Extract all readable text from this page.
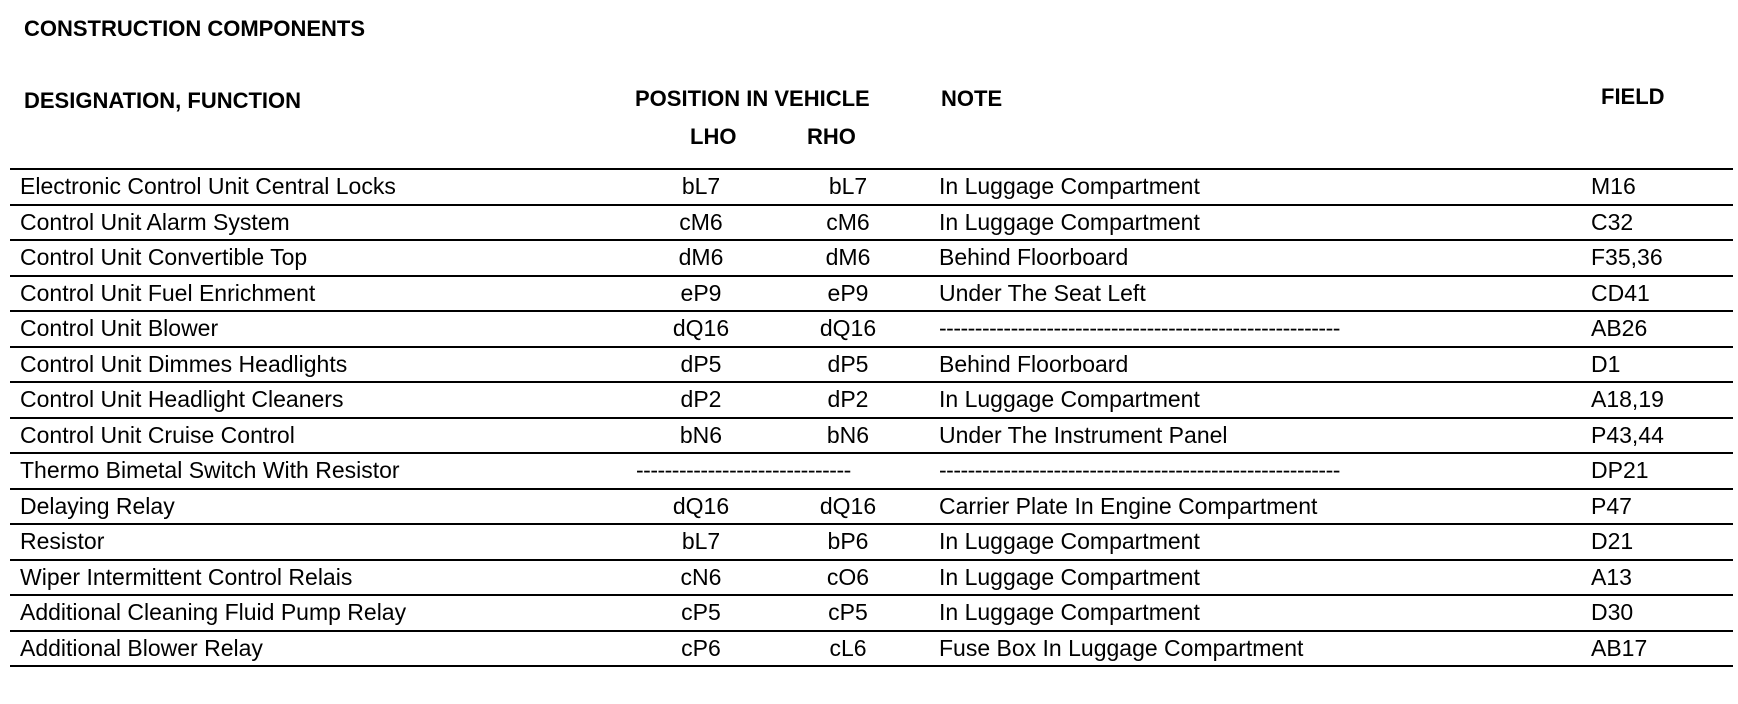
CONSTRUCTION COMPONENTS
DESIGNATION, FUNCTION	POSITION IN VEHICLE	NOTE	FIELD
LHO	RHO
Electronic Control Unit Central Locks	bL7	bL7	In Luggage Compartment	M16
Control Unit Alarm System	cM6	cM6	In Luggage Compartment	C32
Control Unit Convertible Top	dM6	dM6	Behind Floorboard	F35,36
Control Unit Fuel Enrichment	eP9	eP9	Under The Seat Left	CD41
Control Unit Blower	dQ16	dQ16	--------------------------------------------------------	AB26
Control Unit Dimmes Headlights	dP5	dP5	Behind Floorboard	D1
Control Unit Headlight Cleaners	dP2	dP2	In Luggage Compartment	A18,19
Control Unit Cruise Control	bN6	bN6	Under The Instrument Panel	P43,44
Thermo Bimetal Switch With Resistor	------------------------------	--------------------------------------------------------	DP21
Delaying Relay	dQ16	dQ16	Carrier Plate In Engine Compartment	P47
Resistor	bL7	bP6	In Luggage Compartment	D21
Wiper Intermittent Control Relais	cN6	cO6	In Luggage Compartment	A13
Additional Cleaning Fluid Pump Relay	cP5	cP5	In Luggage Compartment	D30
Additional Blower Relay	cP6	cL6	Fuse Box In Luggage Compartment	AB17
